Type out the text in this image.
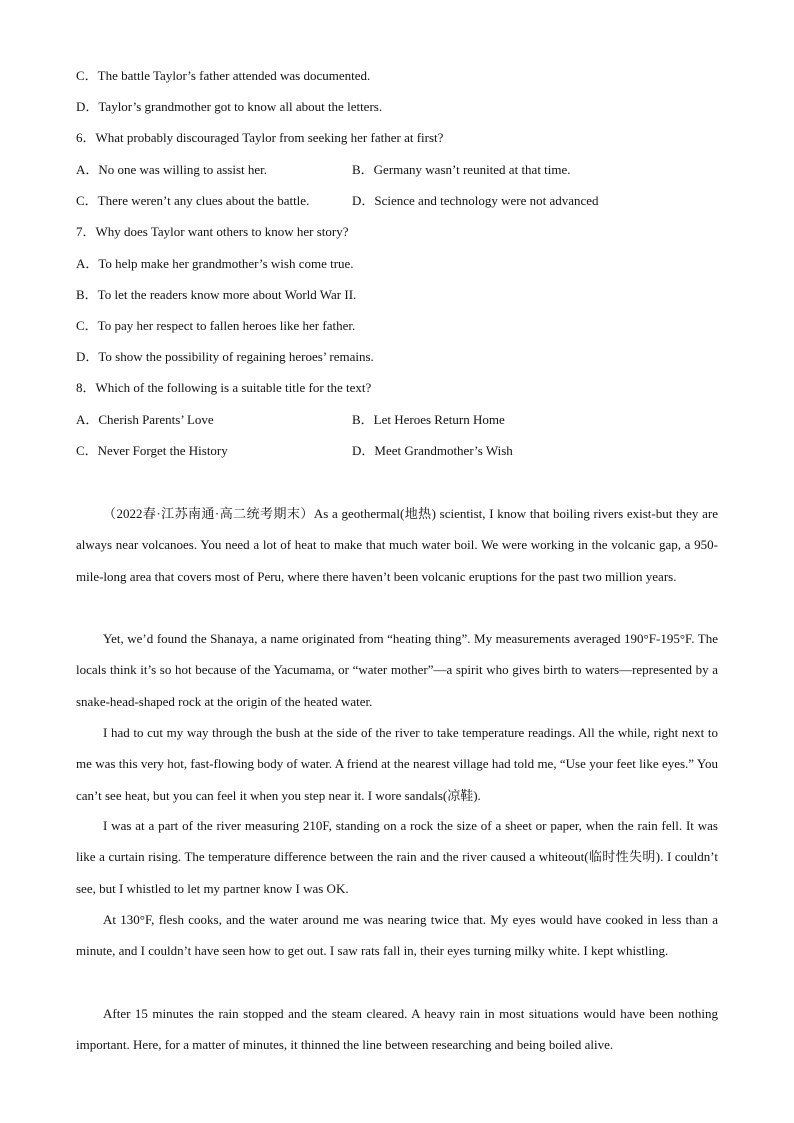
C．The battle Taylor’s father attended was documented.
D．Taylor’s grandmother got to know all about the letters.
6．What probably discouraged Taylor from seeking her father at first?
A．No one was willing to assist her.	B．Germany wasn’t reunited at that time.
C．There weren’t any clues about the battle.	D．Science and technology were not advanced
7．Why does Taylor want others to know her story?
A．To help make her grandmother’s wish come true.
B．To let the readers know more about World War II.
C．To pay her respect to fallen heroes like her father.
D．To show the possibility of regaining heroes’ remains.
8．Which of the following is a suitable title for the text?
A．Cherish Parents’ Love	B．Let Heroes Return Home
C．Never Forget the History	D．Meet Grandmother’s Wish

（2022春·江苏南通·高二统考期末）As a geothermal(地热) scientist, I know that boiling rivers exist-but they are always near volcanoes. You need a lot of heat to make that much water boil. We were working in the volcanic gap, a 950-mile-long area that covers most of Peru, where there haven’t been volcanic eruptions for the past two million years.

Yet, we’d found the Shanaya, a name originated from “heating thing”. My measurements averaged 190°F-195°F. The locals think it’s so hot because of the Yacumama, or “water mother”—a spirit who gives birth to waters—represented by a snake-head-shaped rock at the origin of the heated water.

I had to cut my way through the bush at the side of the river to take temperature readings. All the while, right next to me was this very hot, fast-flowing body of water. A friend at the nearest village had told me, “Use your feet like eyes.” You can’t see heat, but you can feel it when you step near it. I wore sandals(凉鞋).

I was at a part of the river measuring 210F, standing on a rock the size of a sheet or paper, when the rain fell. It was like a curtain rising. The temperature difference between the rain and the river caused a whiteout(临时性失明). I couldn’t see, but I whistled to let my partner know I was OK.

At 130°F, flesh cooks, and the water around me was nearing twice that. My eyes would have cooked in less than a minute, and I couldn’t have seen how to get out. I saw rats fall in, their eyes turning milky white. I kept whistling.

After 15 minutes the rain stopped and the steam cleared. A heavy rain in most situations would have been nothing important. Here, for a matter of minutes, it thinned the line between researching and being boiled alive.
